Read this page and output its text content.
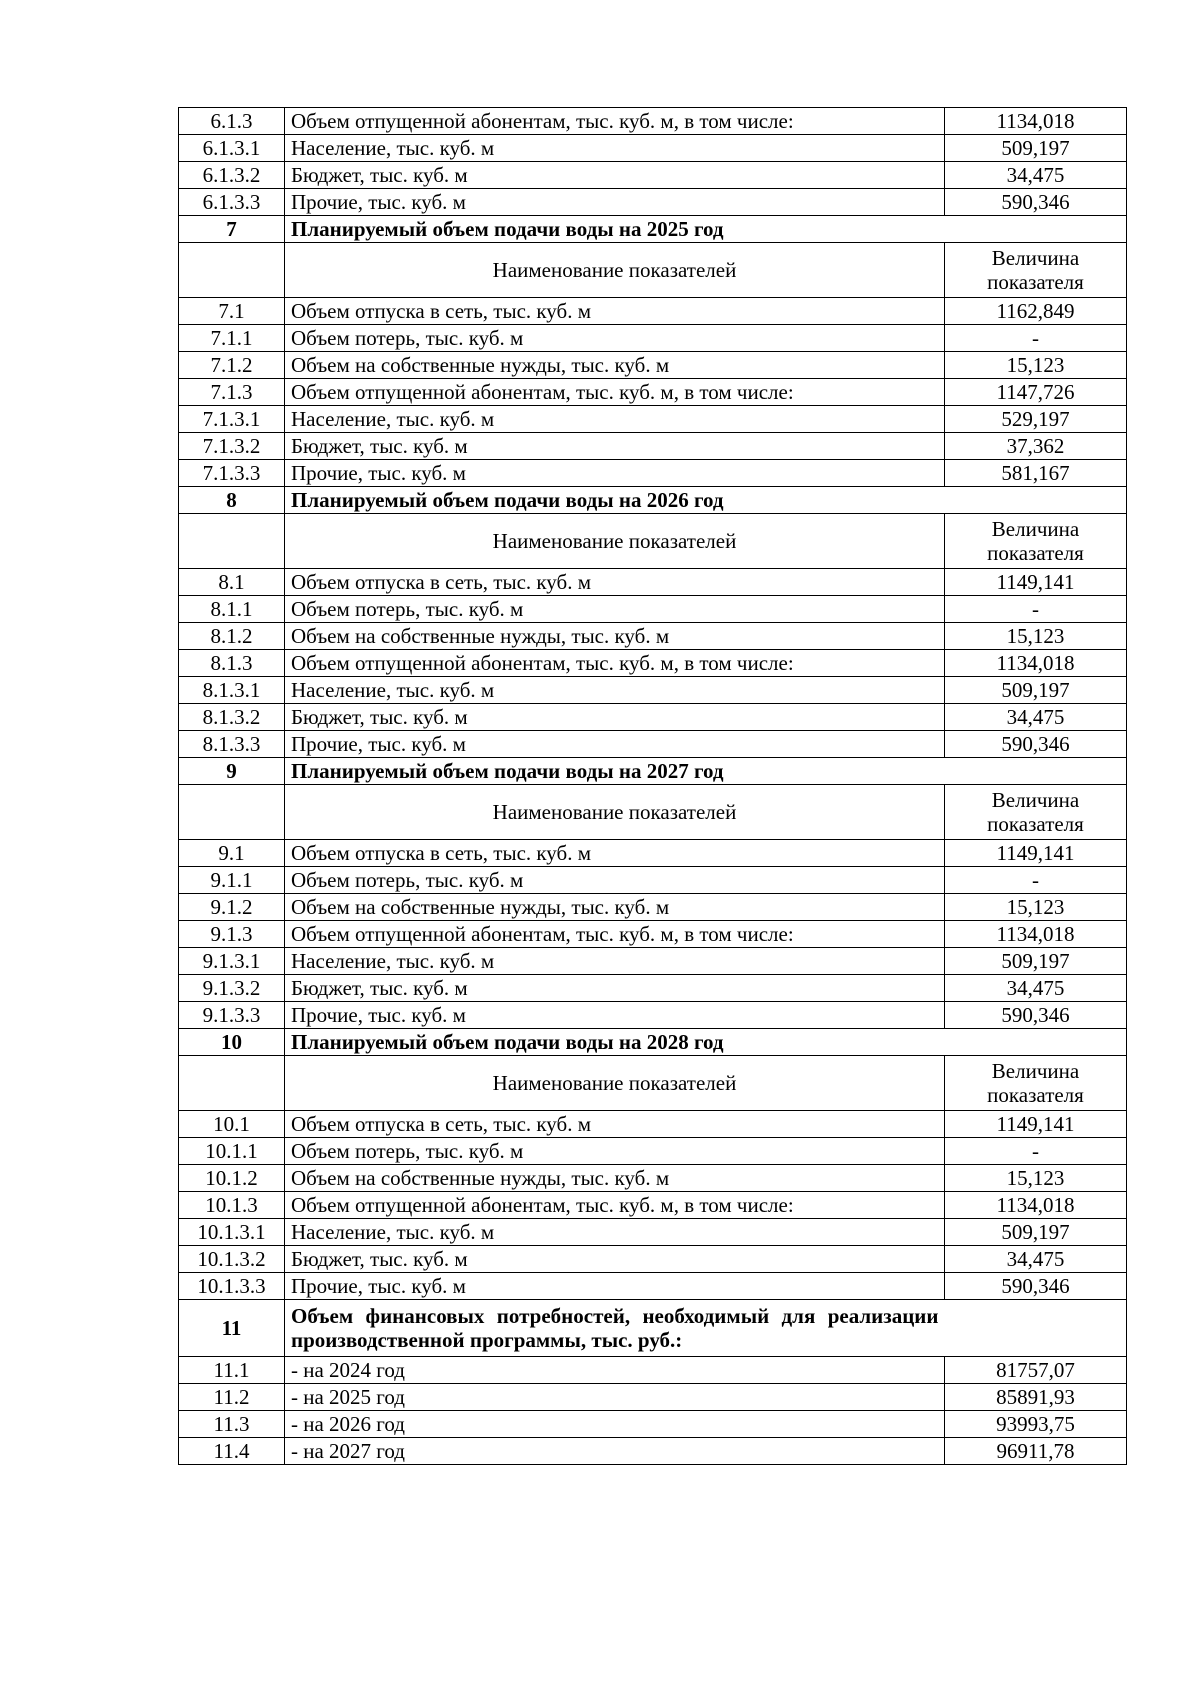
6.1.3	Объем отпущенной абонентам, тыс. куб. м, в том числе:	1134,018
6.1.3.1	Население, тыс. куб. м	509,197
6.1.3.2	Бюджет, тыс. куб. м	34,475
6.1.3.3	Прочие, тыс. куб. м	590,346
7	Планируемый объем подачи воды на 2025 год	
	Наименование показателей	Величина показателя
7.1	Объем отпуска в сеть, тыс. куб. м	1162,849
7.1.1	Объем потерь, тыс. куб. м	-
7.1.2	Объем на собственные нужды, тыс. куб. м	15,123
7.1.3	Объем отпущенной абонентам, тыс. куб. м, в том числе:	1147,726
7.1.3.1	Население, тыс. куб. м	529,197
7.1.3.2	Бюджет, тыс. куб. м	37,362
7.1.3.3	Прочие, тыс. куб. м	581,167
8	Планируемый объем подачи воды на 2026 год	
	Наименование показателей	Величина показателя
8.1	Объем отпуска в сеть, тыс. куб. м	1149,141
8.1.1	Объем потерь, тыс. куб. м	-
8.1.2	Объем на собственные нужды, тыс. куб. м	15,123
8.1.3	Объем отпущенной абонентам, тыс. куб. м, в том числе:	1134,018
8.1.3.1	Население, тыс. куб. м	509,197
8.1.3.2	Бюджет, тыс. куб. м	34,475
8.1.3.3	Прочие, тыс. куб. м	590,346
9	Планируемый объем подачи воды на 2027 год	
	Наименование показателей	Величина показателя
9.1	Объем отпуска в сеть, тыс. куб. м	1149,141
9.1.1	Объем потерь, тыс. куб. м	-
9.1.2	Объем на собственные нужды, тыс. куб. м	15,123
9.1.3	Объем отпущенной абонентам, тыс. куб. м, в том числе:	1134,018
9.1.3.1	Население, тыс. куб. м	509,197
9.1.3.2	Бюджет, тыс. куб. м	34,475
9.1.3.3	Прочие, тыс. куб. м	590,346
10	Планируемый объем подачи воды на 2028 год	
	Наименование показателей	Величина показателя
10.1	Объем отпуска в сеть, тыс. куб. м	1149,141
10.1.1	Объем потерь, тыс. куб. м	-
10.1.2	Объем на собственные нужды, тыс. куб. м	15,123
10.1.3	Объем отпущенной абонентам, тыс. куб. м, в том числе:	1134,018
10.1.3.1	Население, тыс. куб. м	509,197
10.1.3.2	Бюджет, тыс. куб. м	34,475
10.1.3.3	Прочие, тыс. куб. м	590,346
11	Объем финансовых потребностей, необходимый для реализации производственной программы, тыс. руб.:	
11.1	- на 2024 год	81757,07
11.2	- на 2025 год	85891,93
11.3	- на 2026 год	93993,75
11.4	- на 2027 год	96911,78
